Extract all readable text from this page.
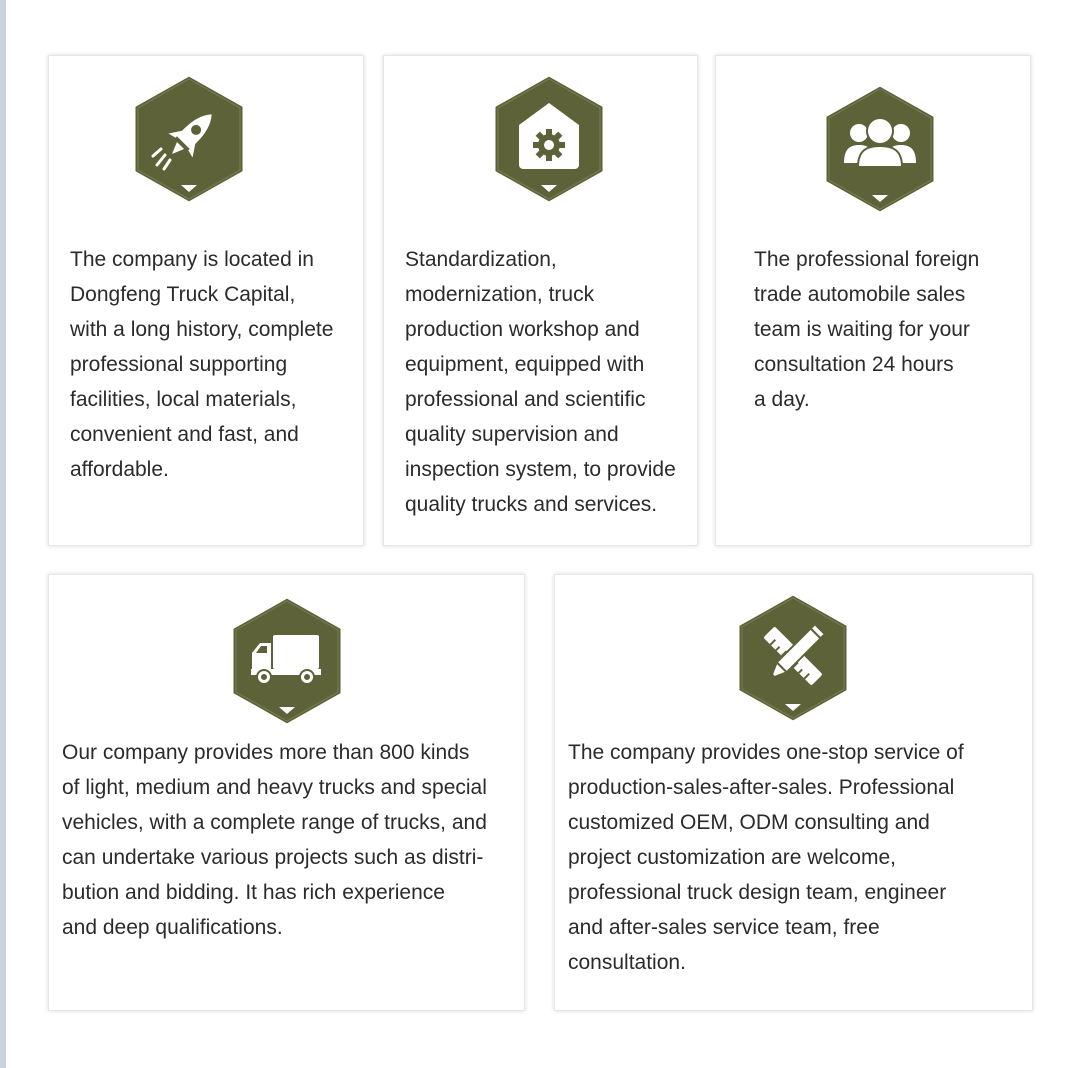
The company is located in
Dongfeng Truck Capital,
with a long history, complete
professional supporting
facilities, local materials,
convenient and fast, and
affordable.

Standardization,
modernization, truck
production workshop and
equipment, equipped with
professional and scientific
quality supervision and
inspection system, to provide
quality trucks and services.

The professional foreign
trade automobile sales
team is waiting for your
consultation 24 hours
a day.

Our company provides more than 800 kinds
of light, medium and heavy trucks and special
vehicles, with a complete range of trucks, and
can undertake various projects such as distri-
bution and bidding. It has rich experience
and deep qualifications.

The company provides one-stop service of
production-sales-after-sales. Professional
customized OEM, ODM consulting and
project customization are welcome,
professional truck design team, engineer
and after-sales service team, free
consultation.
